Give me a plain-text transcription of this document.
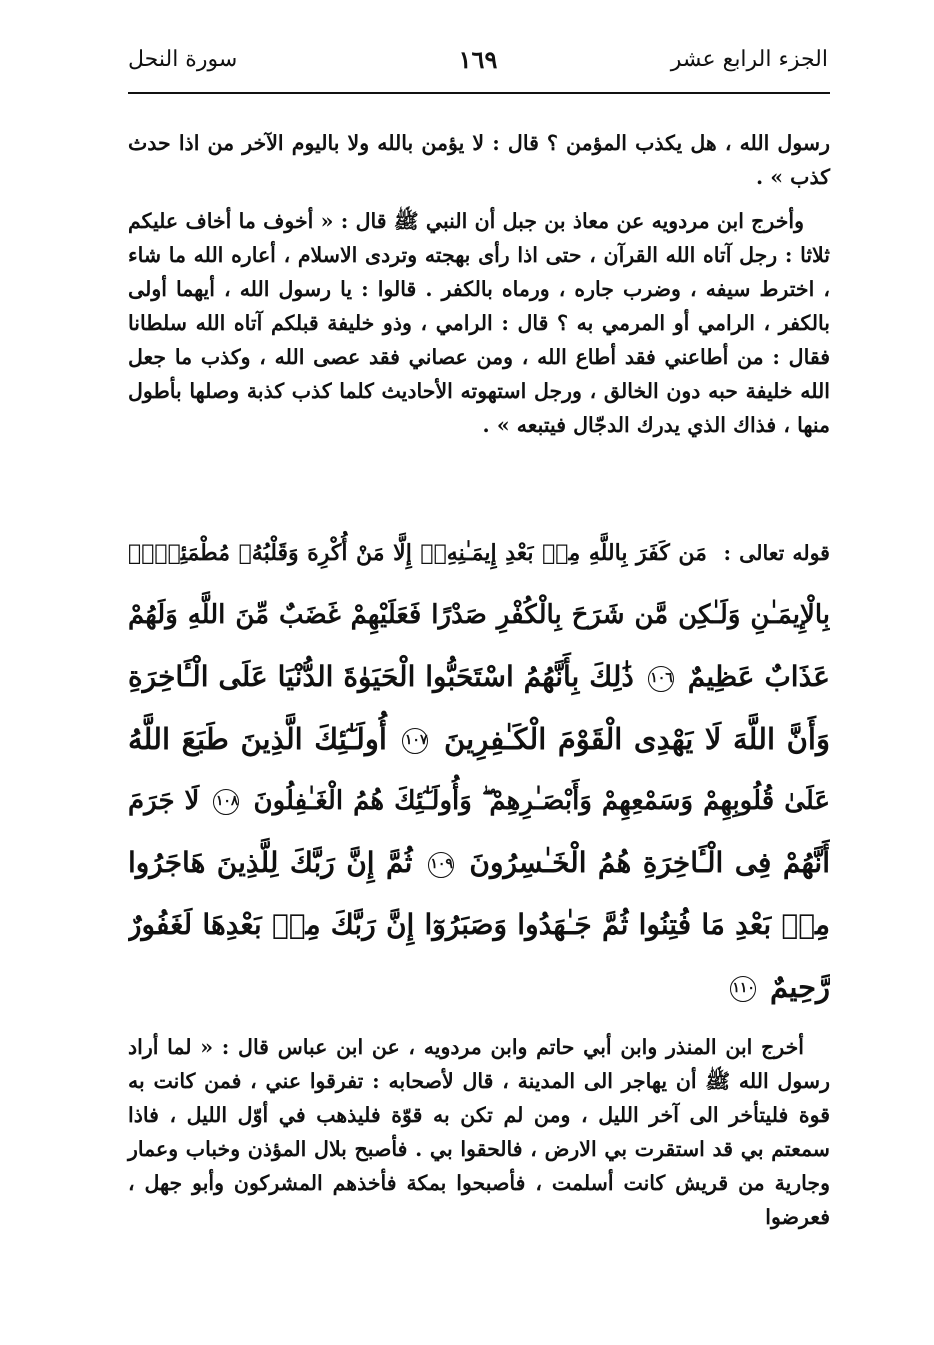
الجزء الرابع عشر
١٦٩
سورة النحل

رسول الله ، هل يكذب المؤمن ؟ قال : لا يؤمن بالله ولا باليوم الآخر من اذا حدث كذب » .

وأخرج ابن مردويه عن معاذ بن جبل أن النبي ﷺ قال : « أخوف ما أخاف عليكم ثلاثا : رجل آتاه الله القرآن ، حتى اذا رأى بهجته وتردى الاسلام ، أعاره الله ما شاء ، اخترط سيفه ، وضرب جاره ، ورماه بالكفر . قالوا : يا رسول الله ، أيهما أولى بالكفر ، الرامي أو المرمي به ؟ قال : الرامي ، وذو خليفة قبلكم آتاه الله سلطانا فقال : من أطاعني فقد أطاع الله ، ومن عصاني فقد عصى الله ، وكذب ما جعل الله خليفة حبه دون الخالق ، ورجل استهوته الأحاديث كلما كذب كذبة وصلها بأطول منها ، فذاك الذي يدرك الدجّال فيتبعه » .

قوله تعالى : مَن كَفَرَ بِاللَّهِ مِنۢ بَعْدِ إِيمَـٰنِهِۦٓ إِلَّا مَنْ أُكْرِهَ وَقَلْبُهُۥ مُطْمَئِنٌّۢ
بِالْإِيمَـٰنِ وَلَـٰكِن مَّن شَرَحَ بِالْكُفْرِ صَدْرًا فَعَلَيْهِمْ غَضَبٌ مِّنَ اللَّهِ وَلَهُمْ
عَذَابٌ عَظِيمٌ ١٠٦ ذَٰلِكَ بِأَنَّهُمُ اسْتَحَبُّوا الْحَيَوٰةَ الدُّنْيَا عَلَى الْـَٔاخِرَةِ
وَأَنَّ اللَّهَ لَا يَهْدِى الْقَوْمَ الْكَـٰفِرِينَ ١٠٧ أُولَـٰٓئِكَ الَّذِينَ طَبَعَ اللَّهُ
عَلَىٰ قُلُوبِهِمْ وَسَمْعِهِمْ وَأَبْصَـٰرِهِمْ ۖ وَأُولَـٰٓئِكَ هُمُ الْغَـٰفِلُونَ ١٠٨ لَا جَرَمَ
أَنَّهُمْ فِى الْـَٔاخِرَةِ هُمُ الْخَـٰسِرُونَ ١٠٩ ثُمَّ إِنَّ رَبَّكَ لِلَّذِينَ هَاجَرُوا
مِنۢ بَعْدِ مَا فُتِنُوا ثُمَّ جَـٰهَدُوا وَصَبَرُوٓا إِنَّ رَبَّكَ مِنۢ بَعْدِهَا لَغَفُورٌ
رَّحِيمٌ ١١٠

أخرج ابن المنذر وابن أبي حاتم وابن مردويه ، عن ابن عباس قال : « لما أراد رسول الله ﷺ أن يهاجر الى المدينة ، قال لأصحابه : تفرقوا عني ، فمن كانت به قوة فليتأخر الى آخر الليل ، ومن لم تكن به قوّة فليذهب في أوّل الليل ، فاذا سمعتم بي قد استقرت بي الارض ، فالحقوا بي . فأصبح بلال المؤذن وخباب وعمار وجارية من قريش كانت أسلمت ، فأصبحوا بمكة فأخذهم المشركون وأبو جهل ، فعرضوا
